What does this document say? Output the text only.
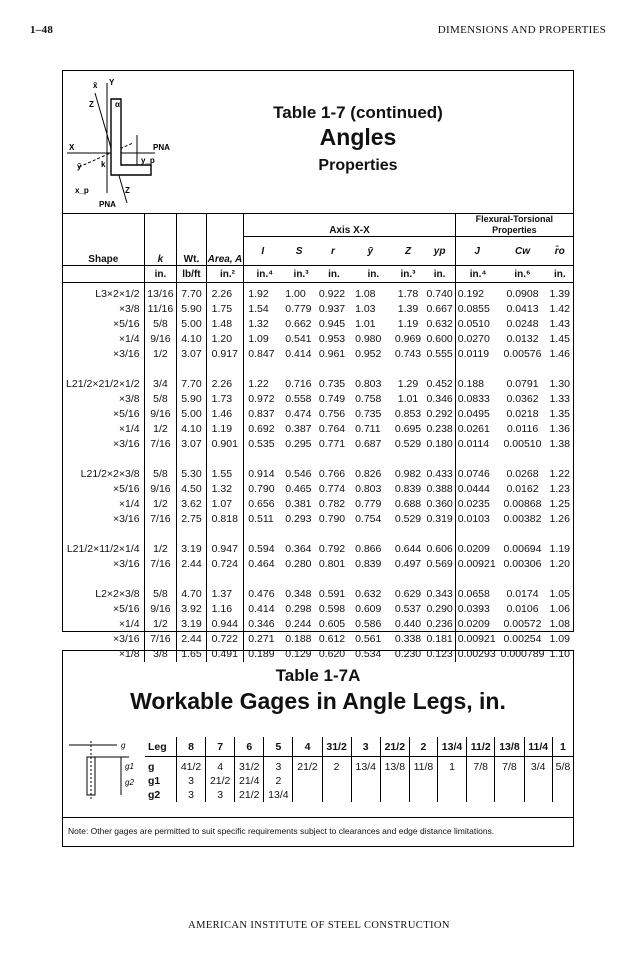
1–48	DIMENSIONS AND PROPERTIES
x̄ Y
Z	α
X	PNA
ȳ k	y_p
Z
x_p
PNA
Table 1-7 (continued)
Angles
Properties
Shape	k	Wt.	Area, A	Axis X-X						Flexural-Torsional Properties		
				I	S	r	ȳ	Z	yp	J	Cw	r̄o
	in.	lb/ft	in.²	in.⁴	in.³	in.	in.	in.³	in.	in.⁴	in.⁶	in.

L3×2×1/2	13/16	7.70	2.26	1.92	1.00	0.922	1.08	1.78	0.740	0.192	0.0908	1.39
×3/8	11/16	5.90	1.75	1.54	0.779	0.937	1.03	1.39	0.667	0.0855	0.0413	1.42
×5/16	5/8	5.00	1.48	1.32	0.662	0.945	1.01	1.19	0.632	0.0510	0.0248	1.43
×1/4	9/16	4.10	1.20	1.09	0.541	0.953	0.980	0.969	0.600	0.0270	0.0132	1.45
×3/16	1/2	3.07	0.917	0.847	0.414	0.961	0.952	0.743	0.555	0.0119	0.00576	1.46

L21/2×21/2×1/2	3/4	7.70	2.26	1.22	0.716	0.735	0.803	1.29	0.452	0.188	0.0791	1.30
×3/8	5/8	5.90	1.73	0.972	0.558	0.749	0.758	1.01	0.346	0.0833	0.0362	1.33
×5/16	9/16	5.00	1.46	0.837	0.474	0.756	0.735	0.853	0.292	0.0495	0.0218	1.35
×1/4	1/2	4.10	1.19	0.692	0.387	0.764	0.711	0.695	0.238	0.0261	0.0116	1.36
×3/16	7/16	3.07	0.901	0.535	0.295	0.771	0.687	0.529	0.180	0.0114	0.00510	1.38

L21/2×2×3/8	5/8	5.30	1.55	0.914	0.546	0.766	0.826	0.982	0.433	0.0746	0.0268	1.22
×5/16	9/16	4.50	1.32	0.790	0.465	0.774	0.803	0.839	0.388	0.0444	0.0162	1.23
×1/4	1/2	3.62	1.07	0.656	0.381	0.782	0.779	0.688	0.360	0.0235	0.00868	1.25
×3/16	7/16	2.75	0.818	0.511	0.293	0.790	0.754	0.529	0.319	0.0103	0.00382	1.26

L21/2×11/2×1/4	1/2	3.19	0.947	0.594	0.364	0.792	0.866	0.644	0.606	0.0209	0.00694	1.19
×3/16	7/16	2.44	0.724	0.464	0.280	0.801	0.839	0.497	0.569	0.00921	0.00306	1.20

L2×2×3/8	5/8	4.70	1.37	0.476	0.348	0.591	0.632	0.629	0.343	0.0658	0.0174	1.05
×5/16	9/16	3.92	1.16	0.414	0.298	0.598	0.609	0.537	0.290	0.0393	0.0106	1.06
×1/4	1/2	3.19	0.944	0.346	0.244	0.605	0.586	0.440	0.236	0.0209	0.00572	1.08
×3/16	7/16	2.44	0.722	0.271	0.188	0.612	0.561	0.338	0.181	0.00921	0.00254	1.09
×1/8	3/8	1.65	0.491	0.189	0.129	0.620	0.534	0.230	0.123	0.00293	0.000789	1.10
Table 1-7A
Workable Gages in Angle Legs, in.
g
g1
g2
Leg	8	7	6	5	4	31/2	3	21/2	2	13/4	11/2	13/8	11/4	1
g	41/2	4	31/2	3	21/2	2	13/4	13/8	11/8	1	7/8	7/8	3/4	5/8
g1	3	21/2	21/4	2										
g2	3	3	21/2	13/4										
Note: Other gages are permitted to suit specific requirements subject to clearances and edge distance limitations.
AMERICAN INSTITUTE OF STEEL CONSTRUCTION
